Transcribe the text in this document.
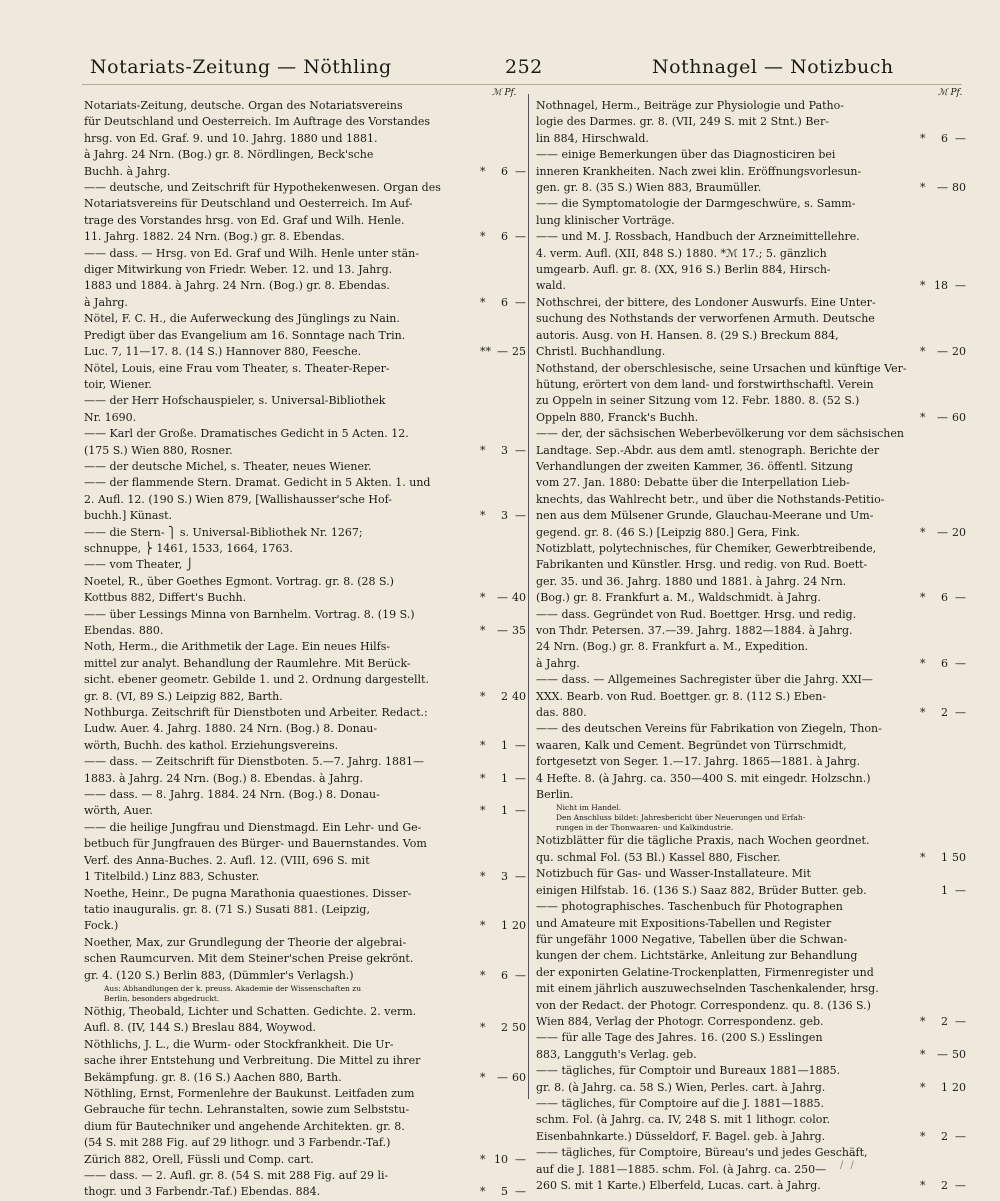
Notariats-Zeitung — Nöthling	252	Nothnagel — Notizbuch
ℳ Pf.	ℳ Pf.
Notariats-Zeitung, deutsche. Organ des Notariatsvereins
für Deutschland und Oesterreich. Im Auftrage des Vorstandes
hrsg. von Ed. Graf. 9. und 10. Jahrg. 1880 und 1881.
à Jahrg. 24 Nrn. (Bog.) gr. 8. Nördlingen, Beck'sche
Buchh. à Jahrg.	*	6 —
—— deutsche, und Zeitschrift für Hypothekenwesen. Organ des
Notariatsvereins für Deutschland und Oesterreich. Im Auf-
trage des Vorstandes hrsg. von Ed. Graf und Wilh. Henle.
11. Jahrg. 1882. 24 Nrn. (Bog.) gr. 8. Ebendas.	*	6 —
—— dass. — Hrsg. von Ed. Graf und Wilh. Henle unter stän-
diger Mitwirkung von Friedr. Weber. 12. und 13. Jahrg.
1883 und 1884. à Jahrg. 24 Nrn. (Bog.) gr. 8. Ebendas.
à Jahrg.	*	6 —
Nötel, F. C. H., die Auferweckung des Jünglings zu Nain.
Predigt über das Evangelium am 16. Sonntage nach Trin.
Luc. 7, 11—17. 8. (14 S.) Hannover 880, Feesche.	** — 25
Nötel, Louis, eine Frau vom Theater, s. Theater-Reper-
toir, Wiener.
—— der Herr Hofschauspieler, s. Universal-Bibliothek
Nr. 1690.
—— Karl der Große. Dramatisches Gedicht in 5 Acten. 12.
(175 S.) Wien 880, Rosner.	*	3 —
—— der deutsche Michel, s. Theater, neues Wiener.
—— der flammende Stern. Dramat. Gedicht in 5 Akten. 1. und
2. Aufl. 12. (190 S.) Wien 879, [Wallishausser'sche Hof-
buchh.] Künast.	*	3 —
—— die Stern- ⎫ s. Universal-Bibliothek Nr. 1267;
schnuppe, ⎬ 1461, 1533, 1664, 1763.
—— vom Theater, ⎭
Noetel, R., über Goethes Egmont. Vortrag. gr. 8. (28 S.)
Kottbus 882, Differt's Buchh.	*	— 40
—— über Lessings Minna von Barnhelm. Vortrag. 8. (19 S.)
Ebendas. 880.	*	— 35
Noth, Herm., die Arithmetik der Lage. Ein neues Hilfs-
mittel zur analyt. Behandlung der Raumlehre. Mit Berück-
sicht. ebener geometr. Gebilde 1. und 2. Ordnung dargestellt.
gr. 8. (VI, 89 S.) Leipzig 882, Barth.	*	2 40
Nothburga. Zeitschrift für Dienstboten und Arbeiter. Redact.:
Ludw. Auer. 4. Jahrg. 1880. 24 Nrn. (Bog.) 8. Donau-
wörth, Buchh. des kathol. Erziehungsvereins.	*	1 —
—— dass. — Zeitschrift für Dienstboten. 5.—7. Jahrg. 1881—
1883. à Jahrg. 24 Nrn. (Bog.) 8. Ebendas. à Jahrg.	*	1 —
—— dass. — 8. Jahrg. 1884. 24 Nrn. (Bog.) 8. Donau-
wörth, Auer.	*	1 —
—— die heilige Jungfrau und Dienstmagd. Ein Lehr- und Ge-
betbuch für Jungfrauen des Bürger- und Bauernstandes. Vom
Verf. des Anna-Buches. 2. Aufl. 12. (VIII, 696 S. mit
1 Titelbild.) Linz 883, Schuster.	*	3 —
Noethe, Heinr., De pugna Marathonia quaestiones. Disser-
tatio inauguralis. gr. 8. (71 S.) Susati 881. (Leipzig,
Fock.)	*	1 20
Noether, Max, zur Grundlegung der Theorie der algebrai-
schen Raumcurven. Mit dem Steiner'schen Preise gekrönt.
gr. 4. (120 S.) Berlin 883, (Dümmler's Verlagsh.)	*	6 —
Aus: Abhandlungen der k. preuss. Akademie der Wissenschaften zu
Berlin, besonders abgedruckt.
Nöthig, Theobald, Lichter und Schatten. Gedichte. 2. verm.
Aufl. 8. (IV, 144 S.) Breslau 884, Woywod.	*	2 50
Nöthlichs, J. L., die Wurm- oder Stockfrankheit. Die Ur-
sache ihrer Entstehung und Verbreitung. Die Mittel zu ihrer
Bekämpfung. gr. 8. (16 S.) Aachen 880, Barth.	*	— 60
Nöthling, Ernst, Formenlehre der Baukunst. Leitfaden zum
Gebrauche für techn. Lehranstalten, sowie zum Selbststu-
dium für Bautechniker und angehende Architekten. gr. 8.
(54 S. mit 288 Fig. auf 29 lithogr. und 3 Farbendr.-Taf.)
Zürich 882, Orell, Füssli und Comp. cart.	* 10 —
—— dass. — 2. Aufl. gr. 8. (54 S. mit 288 Fig. auf 29 li-
thogr. und 3 Farbendr.-Taf.) Ebendas. 884.	*	5 —
Nothnagel, Herm., Beiträge zur Physiologie und Patho-
logie des Darmes. gr. 8. (VII, 249 S. mit 2 Stnt.) Ber-
lin 884, Hirschwald.	*	6 —
—— einige Bemerkungen über das Diagnosticiren bei
inneren Krankheiten. Nach zwei klin. Eröffnungsvorlesun-
gen. gr. 8. (35 S.) Wien 883, Braumüller.	*	— 80
—— die Symptomatologie der Darmgeschwüre, s. Samm-
lung klinischer Vorträge.
—— und M. J. Rossbach, Handbuch der Arzneimittellehre.
4. verm. Aufl. (XII, 848 S.) 1880. *ℳ 17.; 5. gänzlich
umgearb. Aufl. gr. 8. (XX, 916 S.) Berlin 884, Hirsch-
wald.	* 18 —
Nothschrei, der bittere, des Londoner Auswurfs. Eine Unter-
suchung des Nothstands der verworfenen Armuth. Deutsche
autoris. Ausg. von H. Hansen. 8. (29 S.) Breckum 884,
Christl. Buchhandlung.	*	— 20
Nothstand, der oberschlesische, seine Ursachen und künftige Ver-
hütung, erörtert von dem land- und forstwirthschaftl. Verein
zu Oppeln in seiner Sitzung vom 12. Febr. 1880. 8. (52 S.)
Oppeln 880, Franck's Buchh.	*	— 60
—— der, der sächsischen Weberbevölkerung vor dem sächsischen
Landtage. Sep.-Abdr. aus dem amtl. stenograph. Berichte der
Verhandlungen der zweiten Kammer, 36. öffentl. Sitzung
vom 27. Jan. 1880: Debatte über die Interpellation Lieb-
knechts, das Wahlrecht betr., und über die Nothstands-Petitio-
nen aus dem Mülsener Grunde, Glauchau-Meerane und Um-
gegend. gr. 8. (46 S.) [Leipzig 880.] Gera, Fink.	*	— 20
Notizblatt, polytechnisches, für Chemiker, Gewerbtreibende,
Fabrikanten und Künstler. Hrsg. und redig. von Rud. Boett-
ger. 35. und 36. Jahrg. 1880 und 1881. à Jahrg. 24 Nrn.
(Bog.) gr. 8. Frankfurt a. M., Waldschmidt. à Jahrg.	*	6 —
—— dass. Gegründet von Rud. Boettger. Hrsg. und redig.
von Thdr. Petersen. 37.—39. Jahrg. 1882—1884. à Jahrg.
24 Nrn. (Bog.) gr. 8. Frankfurt a. M., Expedition.
à Jahrg.	*	6 —
—— dass. — Allgemeines Sachregister über die Jahrg. XXI—
XXX. Bearb. von Rud. Boettger. gr. 8. (112 S.) Eben-
das. 880.	*	2 —
—— des deutschen Vereins für Fabrikation von Ziegeln, Thon-
waaren, Kalk und Cement. Begründet von Türrschmidt,
fortgesetzt von Seger. 1.—17. Jahrg. 1865—1881. à Jahrg.
4 Hefte. 8. (à Jahrg. ca. 350—400 S. mit eingedr. Holzschn.)
Berlin.
Nicht im Handel.
Den Anschluss bildet: Jahresbericht über Neuerungen und Erfah-
rungen in der Thonwaaren- und Kalkindustrie.
Notizblätter für die tägliche Praxis, nach Wochen geordnet.
qu. schmal Fol. (53 Bl.) Kassel 880, Fischer.	*	1 50
Notizbuch für Gas- und Wasser-Installateure. Mit
einigen Hilfstab. 16. (136 S.) Saaz 882, Brüder Butter. geb.	1 —
—— photographisches. Taschenbuch für Photographen
und Amateure mit Expositions-Tabellen und Register
für ungefähr 1000 Negative, Tabellen über die Schwan-
kungen der chem. Lichtstärke, Anleitung zur Behandlung
der exponirten Gelatine-Trockenplatten, Firmenregister und
mit einem jährlich auszuwechselnden Taschenkalender, hrsg.
von der Redact. der Photogr. Correspondenz. qu. 8. (136 S.)
Wien 884, Verlag der Photogr. Correspondenz. geb.	*	2 —
—— für alle Tage des Jahres. 16. (200 S.) Esslingen
883, Langguth's Verlag. geb.	*	— 50
—— tägliches, für Comptoir und Bureaux 1881—1885.
gr. 8. (à Jahrg. ca. 58 S.) Wien, Perles. cart. à Jahrg.	*	1 20
—— tägliches, für Comptoire auf die J. 1881—1885.
schm. Fol. (à Jahrg. ca. IV, 248 S. mit 1 lithogr. color.
Eisenbahnkarte.) Düsseldorf, F. Bagel. geb. à Jahrg.	*	2 —
—— tägliches, für Comptoire, Büreau's und jedes Geschäft,
auf die J. 1881—1885. schm. Fol. (à Jahrg. ca. 250—
260 S. mit 1 Karte.) Elberfeld, Lucas. cart. à Jahrg.	*	2 —
/ /
